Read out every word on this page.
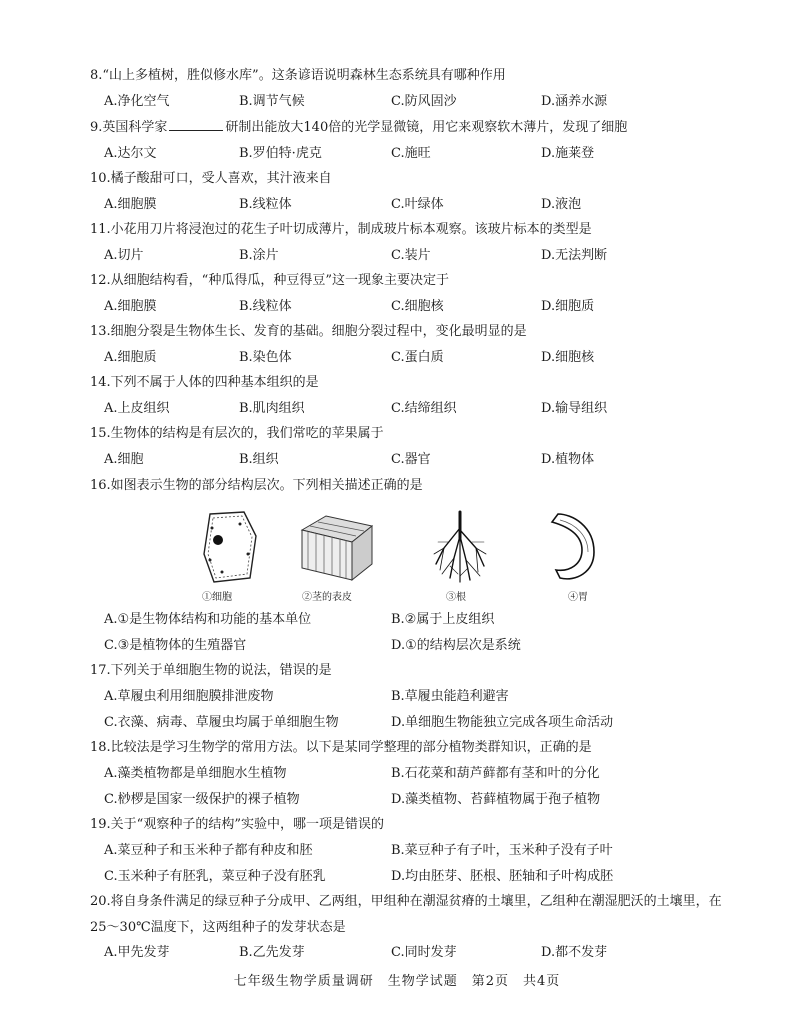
8.“山上多植树，胜似修水库”。这条谚语说明森林生态系统具有哪种作用
A.净化空气	B.调节气候	C.防风固沙	D.涵养水源
9.英国科学家	研制出能放大140倍的光学显微镜，用它来观察软木薄片，发现了细胞
A.达尔文	B.罗伯特·虎克	C.施旺	D.施莱登
10.橘子酸甜可口，受人喜欢，其汁液来自
A.细胞膜	B.线粒体	C.叶绿体	D.液泡
11.小花用刀片将浸泡过的花生子叶切成薄片，制成玻片标本观察。该玻片标本的类型是
A.切片	B.涂片	C.装片	D.无法判断
12.从细胞结构看，“种瓜得瓜，种豆得豆”这一现象主要决定于
A.细胞膜	B.线粒体	C.细胞核	D.细胞质
13.细胞分裂是生物体生长、发育的基础。细胞分裂过程中，变化最明显的是
A.细胞质	B.染色体	C.蛋白质	D.细胞核
14.下列不属于人体的四种基本组织的是
A.上皮组织	B.肌肉组织	C.结缔组织	D.输导组织
15.生物体的结构是有层次的，我们常吃的苹果属于
A.细胞	B.组织	C.器官	D.植物体
16.如图表示生物的部分结构层次。下列相关描述正确的是
①细胞	②茎的表皮	③根	④胃
A.①是生物体结构和功能的基本单位	B.②属于上皮组织
C.③是植物体的生殖器官	D.①的结构层次是系统
17.下列关于单细胞生物的说法，错误的是
A.草履虫利用细胞膜排泄废物	B.草履虫能趋利避害
C.衣藻、病毒、草履虫均属于单细胞生物	D.单细胞生物能独立完成各项生命活动
18.比较法是学习生物学的常用方法。以下是某同学整理的部分植物类群知识，正确的是
A.藻类植物都是单细胞水生植物	B.石花菜和葫芦藓都有茎和叶的分化
C.桫椤是国家一级保护的裸子植物	D.藻类植物、苔藓植物属于孢子植物
19.关于“观察种子的结构”实验中，哪一项是错误的
A.菜豆种子和玉米种子都有种皮和胚	B.菜豆种子有子叶，玉米种子没有子叶
C.玉米种子有胚乳，菜豆种子没有胚乳	D.均由胚芽、胚根、胚轴和子叶构成胚
20.将自身条件满足的绿豆种子分成甲、乙两组，甲组种在潮湿贫瘠的土壤里，乙组种在潮湿肥沃的土壤里，在25～30℃温度下，这两组种子的发芽状态是
A.甲先发芽	B.乙先发芽	C.同时发芽	D.都不发芽
七年级生物学质量调研　生物学试题　第2页　共4页
